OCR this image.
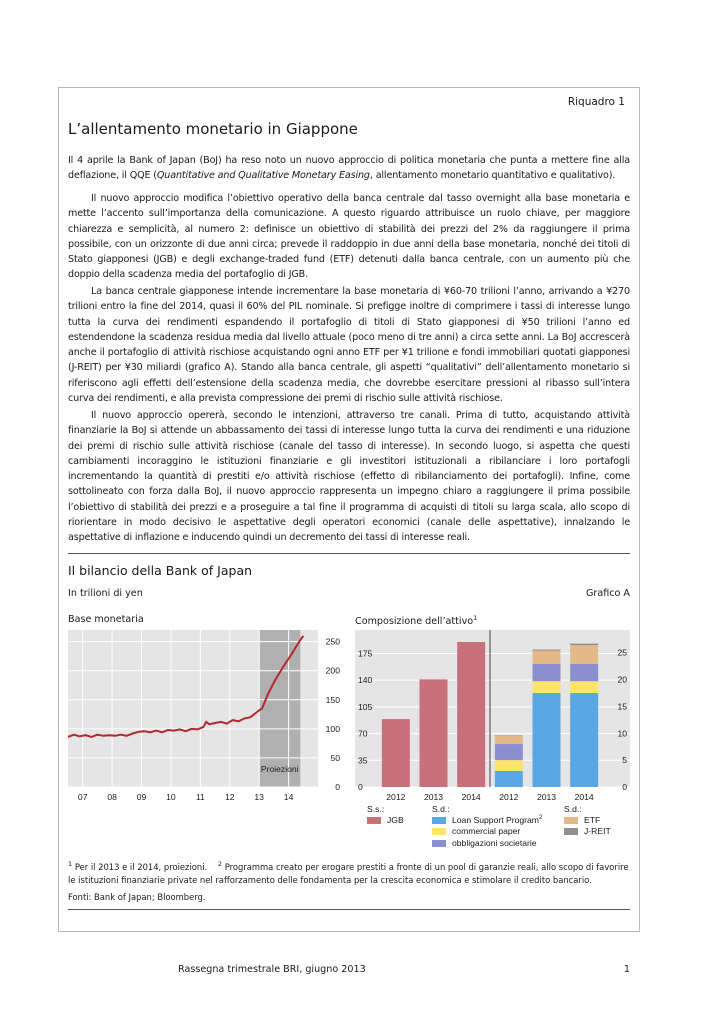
Riquadro 1
L’allentamento monetario in Giappone

Il 4 aprile la Bank of Japan (BoJ) ha reso noto un nuovo approccio di politica monetaria che punta a mettere fine alla deflazione, il QQE (Quantitative and Qualitative Monetary Easing, allentamento monetario quantitativo e qualitativo).

Il nuovo approccio modifica l’obiettivo operativo della banca centrale dal tasso overnight alla base monetaria e mette l’accento sull’importanza della comunicazione. A questo riguardo attribuisce un ruolo chiave, per maggiore chiarezza e semplicità, al numero 2: definisce un obiettivo di stabilità dei prezzi del 2% da raggiungere il prima possibile, con un orizzonte di due anni circa; prevede il raddoppio in due anni della base monetaria, nonché dei titoli di Stato giapponesi (JGB) e degli exchange-traded fund (ETF) detenuti dalla banca centrale, con un aumento più che doppio della scadenza media del portafoglio di JGB.

La banca centrale giapponese intende incrementare la base monetaria di ¥60-70 trilioni l’anno, arrivando a ¥270 trilioni entro la fine del 2014, quasi il 60% del PIL nominale. Si prefigge inoltre di comprimere i tassi di interesse lungo tutta la curva dei rendimenti espandendo il portafoglio di titoli di Stato giapponesi di ¥50 trilioni l’anno ed estendendone la scadenza residua media dal livello attuale (poco meno di tre anni) a circa sette anni. La BoJ accrescerà anche il portafoglio di attività rischiose acquistando ogni anno ETF per ¥1 trilione e fondi immobiliari quotati giapponesi (J-REIT) per ¥30 miliardi (grafico A). Stando alla banca centrale, gli aspetti “qualitativi” dell’allentamento monetario si riferiscono agli effetti dell’estensione della scadenza media, che dovrebbe esercitare pressioni al ribasso sull’intera curva dei rendimenti, e alla prevista compressione dei premi di rischio sulle attività rischiose.

Il nuovo approccio opererà, secondo le intenzioni, attraverso tre canali. Prima di tutto, acquistando attività finanziarie la BoJ si attende un abbassamento dei tassi di interesse lungo tutta la curva dei rendimenti e una riduzione dei premi di rischio sulle attività rischiose (canale del tasso di interesse). In secondo luogo, si aspetta che questi cambiamenti incoraggino le istituzioni finanziarie e gli investitori istituzionali a ribilanciare i loro portafogli incrementando la quantità di prestiti e/o attività rischiose (effetto di ribilanciamento dei portafogli). Infine, come sottolineato con forza dalla BoJ, il nuovo approccio rappresenta un impegno chiaro a raggiungere il prima possibile l’obiettivo di stabilità dei prezzi e a proseguire a tal fine il programma di acquisti di titoli su larga scala, allo scopo di riorientare in modo decisivo le aspettative degli operatori economici (canale delle aspettative), innalzando le aspettative di inflazione e inducendo quindi un decremento dei tassi di interesse reali.

Il bilancio della Bank of Japan
In trilioni di yen	Grafico A
Base monetaria	Composizione dell’attivo$^1$
Proiezioni
0
50
100
150
200
250
07 08 09 10 11 12 13 14
0
35
70
105
140
175
0
5
10
15
20
25
2012 2013 2014 2012 2013 2014
S.s.:	S.d.:	S.d.:
JGB	Loan Support Program$^2$
commercial paper
obbligazioni societarie
ETF
J-REIT
$^1$ Per il 2013 e il 2014, proiezioni. $^2$ Programma creato per erogare prestiti a fronte di un pool di garanzie reali, allo scopo di favorire le istituzioni finanziarie private nel rafforzamento delle fondamenta per la crescita economica e stimolare il credito bancario.
Fonti: Bank of Japan; Bloomberg.
Rassegna trimestrale BRI, giugno 2013	1
